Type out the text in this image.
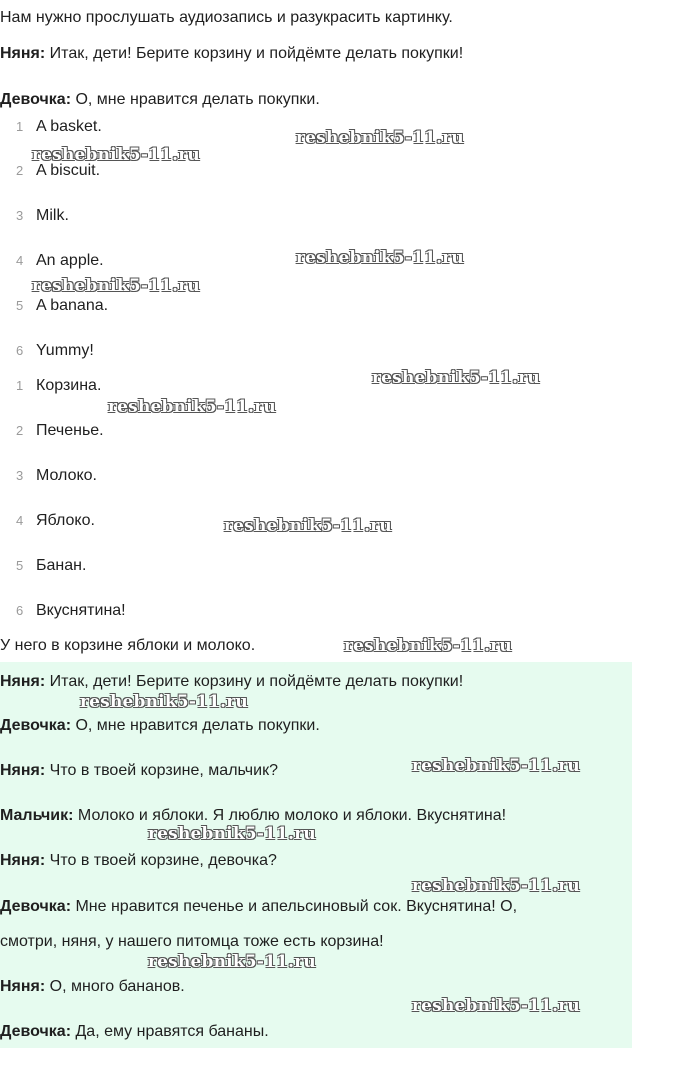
Нам нужно прослушать аудиозапись и разукрасить картинку.
Няня: Итак, дети! Берите корзину и пойдёмте делать покупки!
Девочка: О, мне нравится делать покупки.
1 A basket.
2 A biscuit.
3 Milk.
4 An apple.
5 A banana.
6 Yummy!
1 Корзина.
2 Печенье.
3 Молоко.
4 Яблоко.
5 Банан.
6 Вкуснятина!
У него в корзине яблоки и молоко.
Няня: Итак, дети! Берите корзину и пойдёмте делать покупки!
Девочка: О, мне нравится делать покупки.
Няня: Что в твоей корзине, мальчик?
Мальчик: Молоко и яблоки. Я люблю молоко и яблоки. Вкуснятина!
Няня: Что в твоей корзине, девочка?
Девочка: Мне нравится печенье и апельсиновый сок. Вкуснятина! О,
смотри, няня, у нашего питомца тоже есть корзина!
Няня: О, много бананов.
Девочка: Да, ему нравятся бананы.
reshebnik5-11.ru
reshebnik5-11.ru
reshebnik5-11.ru
reshebnik5-11.ru
reshebnik5-11.ru
reshebnik5-11.ru
reshebnik5-11.ru
reshebnik5-11.ru
reshebnik5-11.ru
reshebnik5-11.ru
reshebnik5-11.ru
reshebnik5-11.ru
reshebnik5-11.ru
reshebnik5-11.ru
